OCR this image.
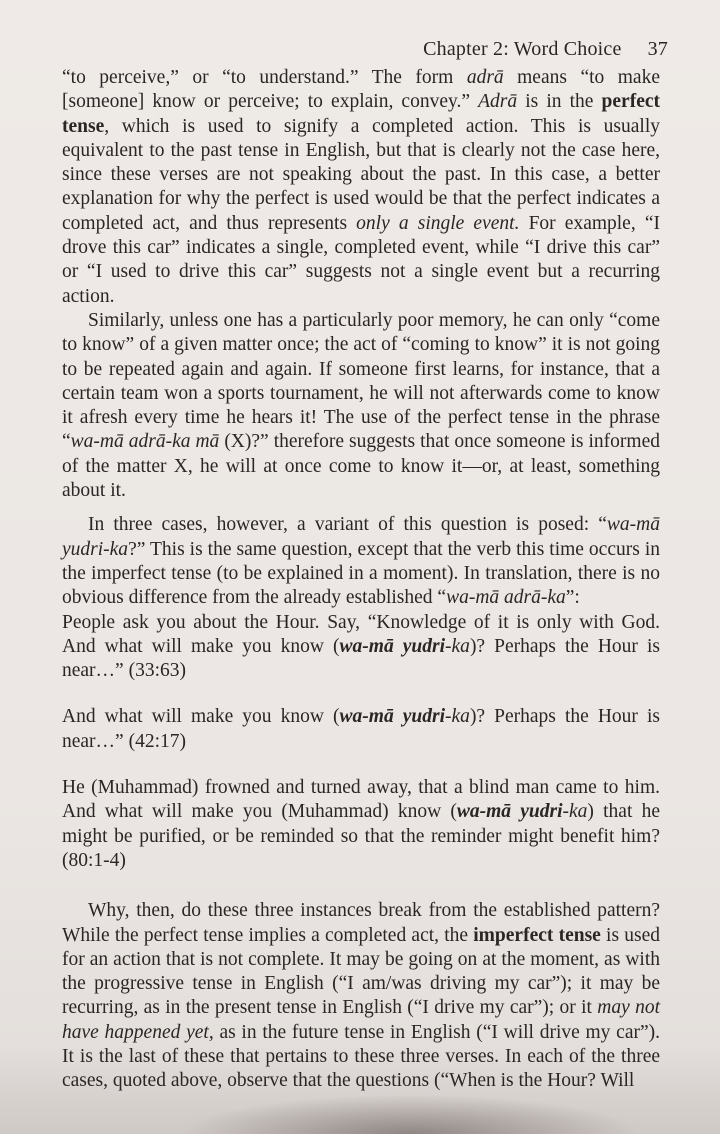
Chapter 2: Word Choice 37

“to perceive,” or “to understand.” The form adrā means “to make [someone] know or perceive; to explain, convey.” Adrā is in the perfect tense, which is used to signify a completed action. This is usually equivalent to the past tense in English, but that is clearly not the case here, since these verses are not speaking about the past. In this case, a better explanation for why the perfect is used would be that the perfect indicates a completed act, and thus represents only a single event. For example, “I drove this car” indicates a single, completed event, while “I drive this car” or “I used to drive this car” suggests not a single event but a recurring action.

Similarly, unless one has a particularly poor memory, he can only “come to know” of a given matter once; the act of “coming to know” it is not going to be repeated again and again. If someone first learns, for instance, that a certain team won a sports tournament, he will not afterwards come to know it afresh every time he hears it! The use of the perfect tense in the phrase “wa-mā adrā-ka mā (X)?” therefore suggests that once someone is informed of the matter X, he will at once come to know it—or, at least, something about it.

In three cases, however, a variant of this question is posed: “wa-mā yudri-ka?” This is the same question, except that the verb this time occurs in the imperfect tense (to be explained in a moment). In translation, there is no obvious difference from the already established “wa-mā adrā-ka”:

People ask you about the Hour. Say, “Knowledge of it is only with God. And what will make you know (wa-mā yudri-ka)? Perhaps the Hour is near…” (33:63)

And what will make you know (wa-mā yudri-ka)? Perhaps the Hour is near…” (42:17)

He (Muhammad) frowned and turned away, that a blind man came to him. And what will make you (Muhammad) know (wa-mā yudri-ka) that he might be purified, or be reminded so that the reminder might benefit him? (80:1-4)

Why, then, do these three instances break from the established pattern? While the perfect tense implies a completed act, the imperfect tense is used for an action that is not complete. It may be going on at the moment, as with the progressive tense in English (“I am/was driving my car”); it may be recurring, as in the present tense in English (“I drive my car”); or it may not have happened yet, as in the future tense in English (“I will drive my car”). It is the last of these that pertains to these three verses. In each of the three cases, quoted above, observe that the questions (“When is the Hour? Will
